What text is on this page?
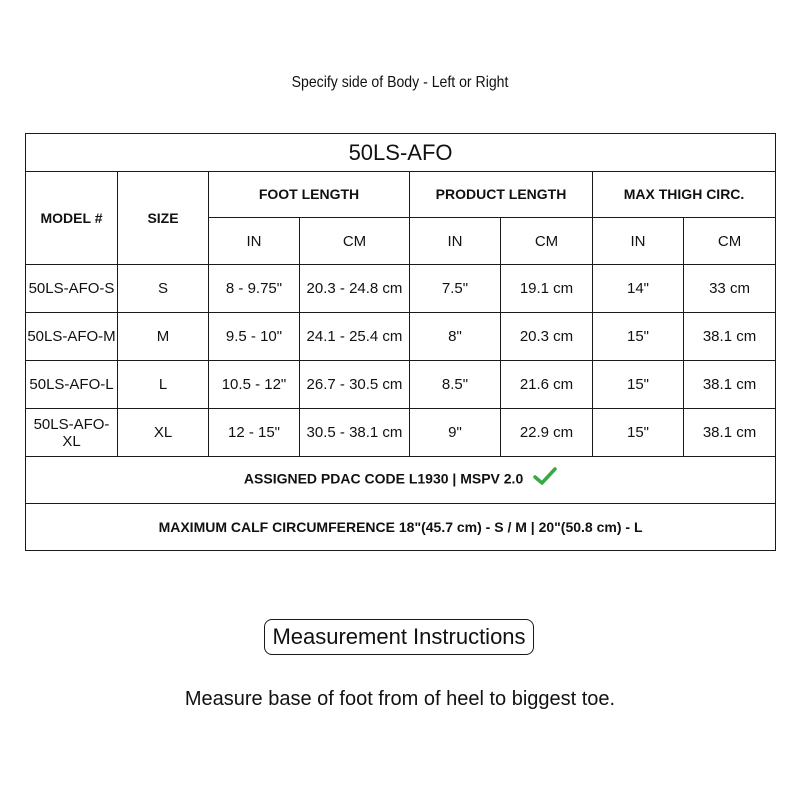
Specify side of Body - Left or Right
50LS-AFO							
MODEL #	SIZE	FOOT LENGTH		PRODUCT LENGTH		MAX THIGH CIRC.	
		IN	CM	IN	CM	IN	CM
50LS-AFO-S	S	8 - 9.75"	20.3 - 24.8 cm	7.5"	19.1 cm	14"	33 cm
50LS-AFO-M	M	9.5 - 10"	24.1 - 25.4 cm	8"	20.3 cm	15"	38.1 cm
50LS-AFO-L	L	10.5 - 12"	26.7 - 30.5 cm	8.5"	21.6 cm	15"	38.1 cm
50LS-AFO-XL	XL	12 - 15"	30.5 - 38.1 cm	9"	22.9 cm	15"	38.1 cm
ASSIGNED PDAC CODE L1930 | MSPV 2.0							
MAXIMUM CALF CIRCUMFERENCE 18"(45.7 cm) - S / M | 20"(50.8 cm) - L							
Measurement Instructions
Measure base of foot from of heel to biggest toe.
